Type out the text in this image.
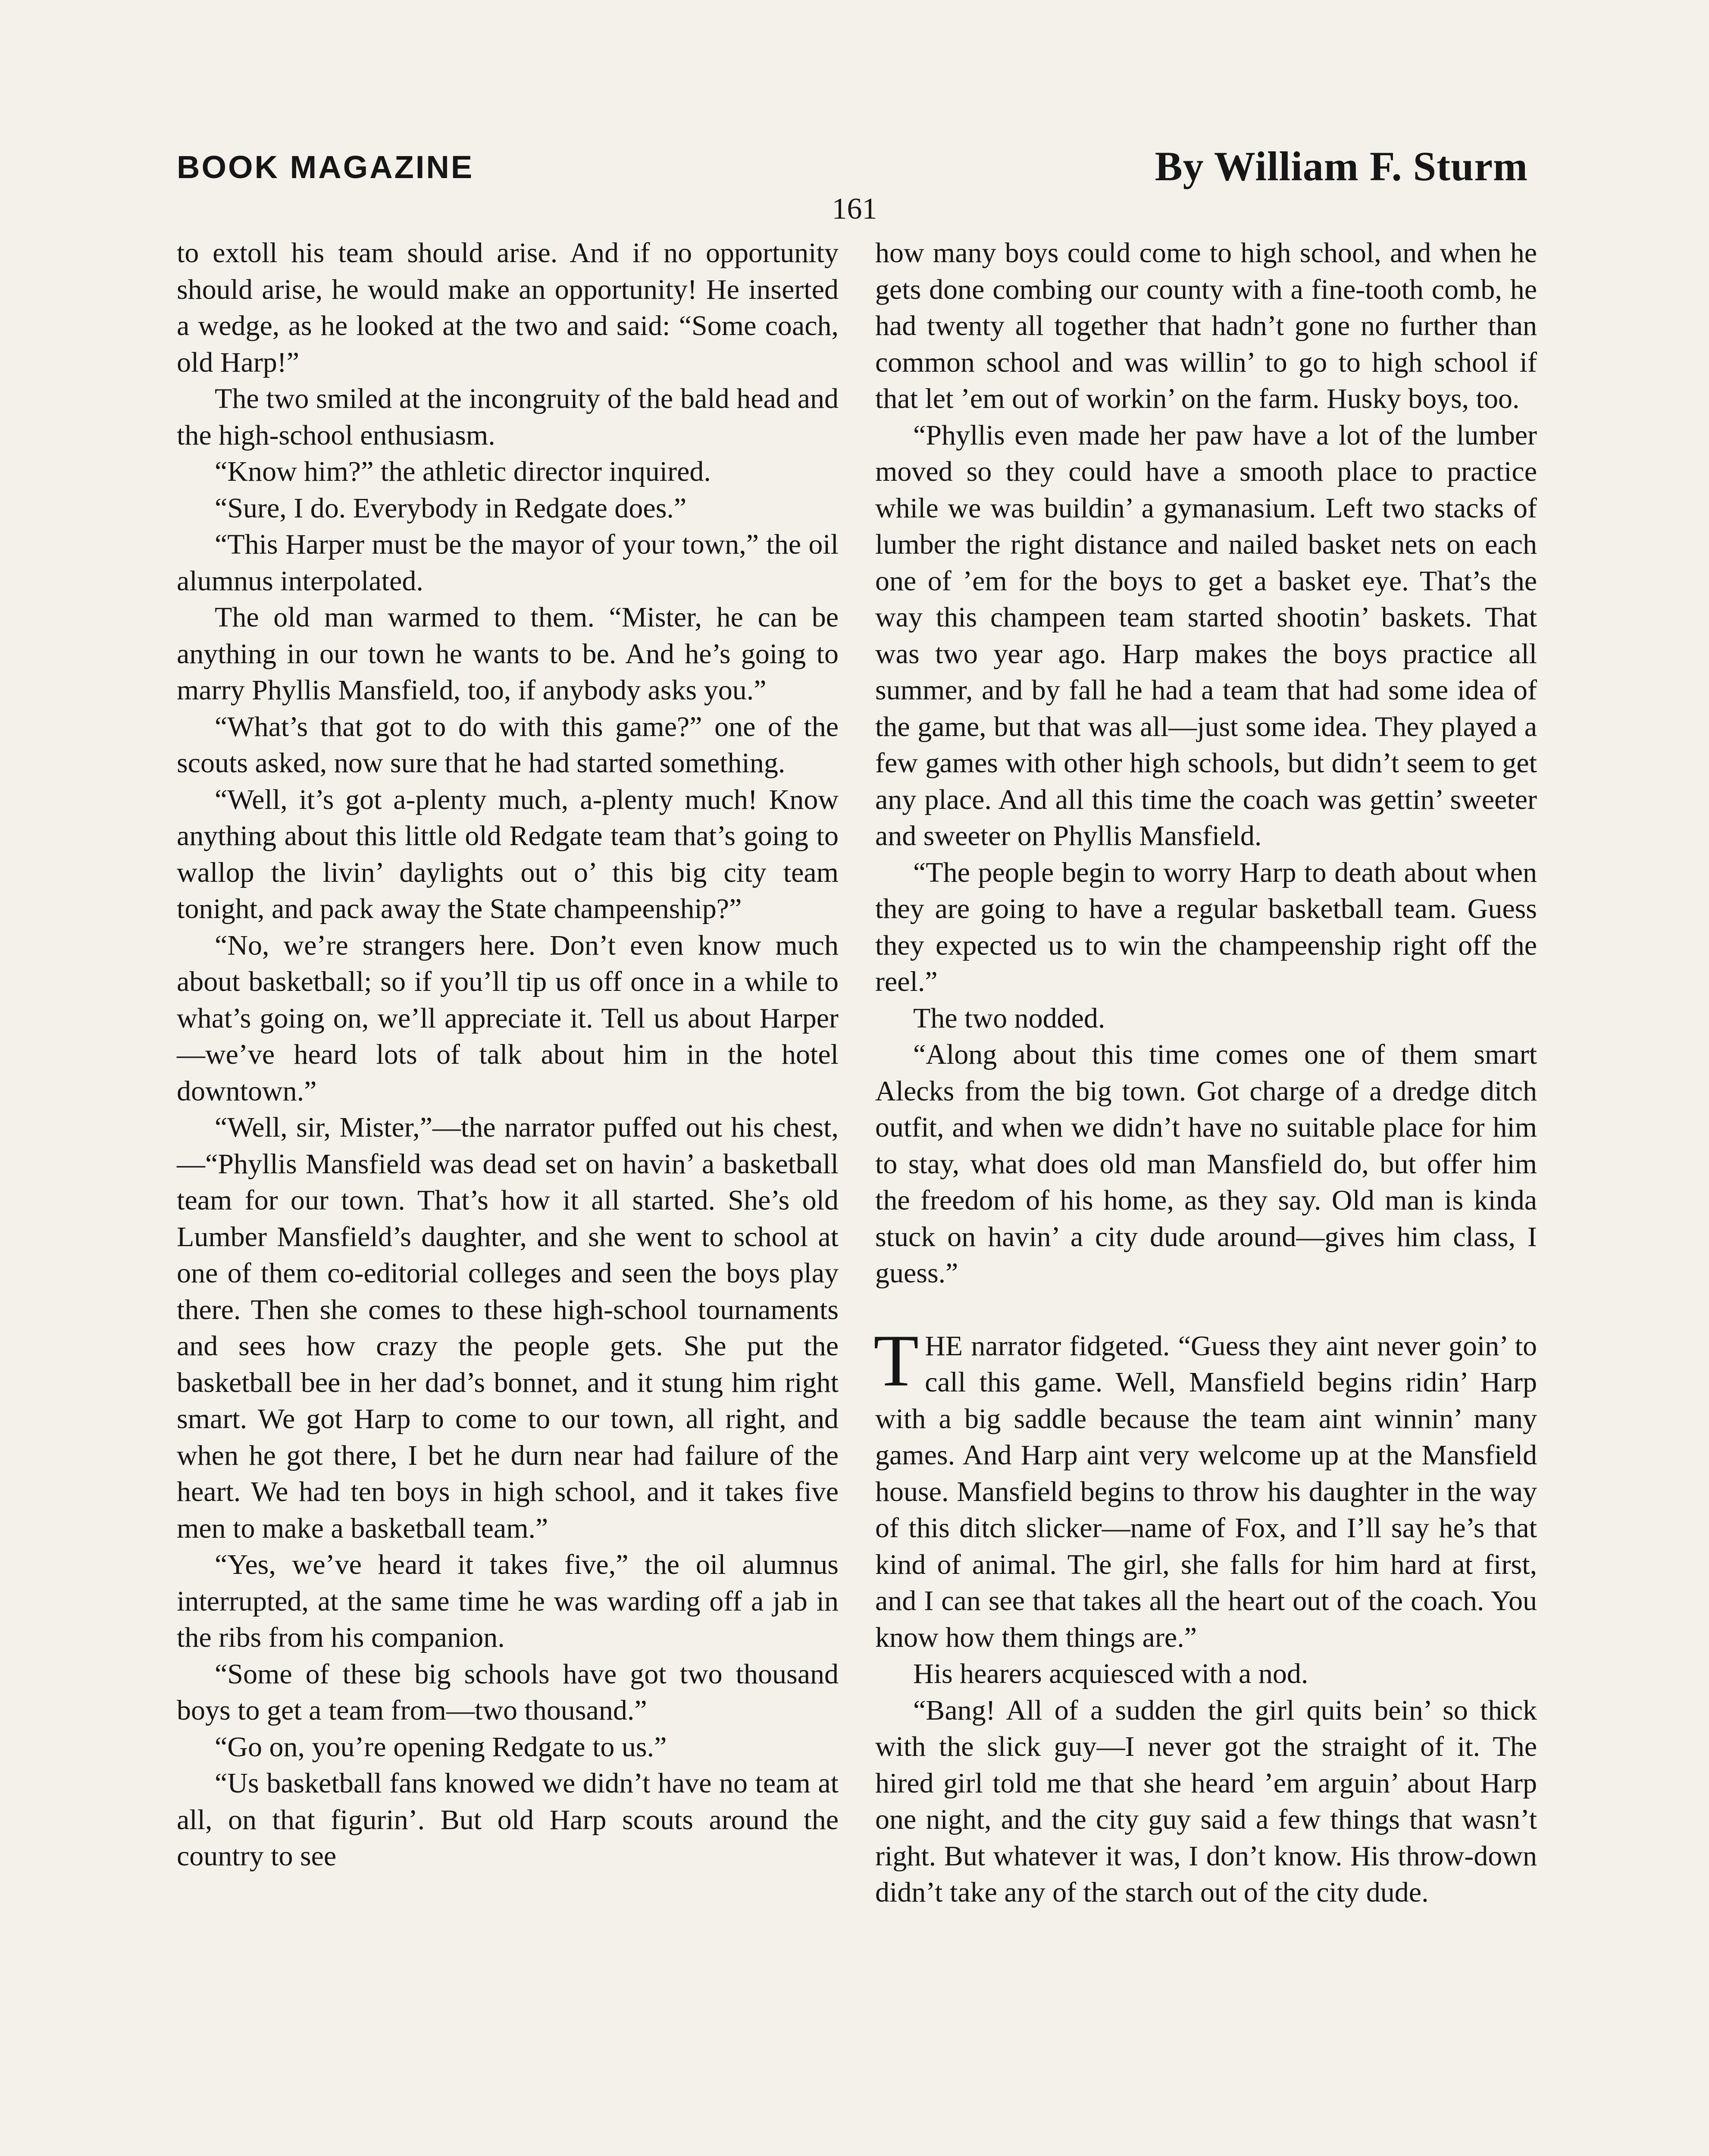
BOOK MAGAZINE	By William F. Sturm
161

to extoll his team should arise. And if no opportunity should arise, he would make an opportunity! He inserted a wedge, as he looked at the two and said: “Some coach, old Harp!”

The two smiled at the incongruity of the bald head and the high-school enthusiasm.

“Know him?” the athletic director inquired.

“Sure, I do. Everybody in Redgate does.”

“This Harper must be the mayor of your town,” the oil alumnus interpolated.

The old man warmed to them. “Mister, he can be anything in our town he wants to be. And he’s going to marry Phyllis Mansfield, too, if anybody asks you.”

“What’s that got to do with this game?” one of the scouts asked, now sure that he had started something.

“Well, it’s got a-plenty much, a-plenty much! Know anything about this little old Redgate team that’s going to wallop the livin’ daylights out o’ this big city team tonight, and pack away the State champeenship?”

“No, we’re strangers here. Don’t even know much about basketball; so if you’ll tip us off once in a while to what’s going on, we’ll appreciate it. Tell us about Harper—we’ve heard lots of talk about him in the hotel downtown.”

“Well, sir, Mister,”—the narrator puffed out his chest,—“Phyllis Mansfield was dead set on havin’ a basketball team for our town. That’s how it all started. She’s old Lumber Mansfield’s daughter, and she went to school at one of them co-editorial colleges and seen the boys play there. Then she comes to these high-school tournaments and sees how crazy the people gets. She put the basketball bee in her dad’s bonnet, and it stung him right smart. We got Harp to come to our town, all right, and when he got there, I bet he durn near had failure of the heart. We had ten boys in high school, and it takes five men to make a basketball team.”

“Yes, we’ve heard it takes five,” the oil alumnus interrupted, at the same time he was warding off a jab in the ribs from his companion.

“Some of these big schools have got two thousand boys to get a team from—two thousand.”

“Go on, you’re opening Redgate to us.”

“Us basketball fans knowed we didn’t have no team at all, on that figurin’. But old Harp scouts around the country to see

how many boys could come to high school, and when he gets done combing our county with a fine-tooth comb, he had twenty all together that hadn’t gone no further than common school and was willin’ to go to high school if that let ’em out of workin’ on the farm. Husky boys, too.

“Phyllis even made her paw have a lot of the lumber moved so they could have a smooth place to practice while we was buildin’ a gymanasium. Left two stacks of lumber the right distance and nailed basket nets on each one of ’em for the boys to get a basket eye. That’s the way this champeen team started shootin’ baskets. That was two year ago. Harp makes the boys practice all summer, and by fall he had a team that had some idea of the game, but that was all—just some idea. They played a few games with other high schools, but didn’t seem to get any place. And all this time the coach was gettin’ sweeter and sweeter on Phyllis Mansfield.

“The people begin to worry Harp to death about when they are going to have a regular basketball team. Guess they expected us to win the champeenship right off the reel.”

The two nodded.

“Along about this time comes one of them smart Alecks from the big town. Got charge of a dredge ditch outfit, and when we didn’t have no suitable place for him to stay, what does old man Mansfield do, but offer him the freedom of his home, as they say. Old man is kinda stuck on havin’ a city dude around—gives him class, I guess.”

THE narrator fidgeted. “Guess they aint never goin’ to call this game. Well, Mansfield begins ridin’ Harp with a big saddle because the team aint winnin’ many games. And Harp aint very welcome up at the Mansfield house. Mansfield begins to throw his daughter in the way of this ditch slicker—name of Fox, and I’ll say he’s that kind of animal. The girl, she falls for him hard at first, and I can see that takes all the heart out of the coach. You know how them things are.”

His hearers acquiesced with a nod.

“Bang! All of a sudden the girl quits bein’ so thick with the slick guy—I never got the straight of it. The hired girl told me that she heard ’em arguin’ about Harp one night, and the city guy said a few things that wasn’t right. But whatever it was, I don’t know. His throw-down didn’t take any of the starch out of the city dude.
